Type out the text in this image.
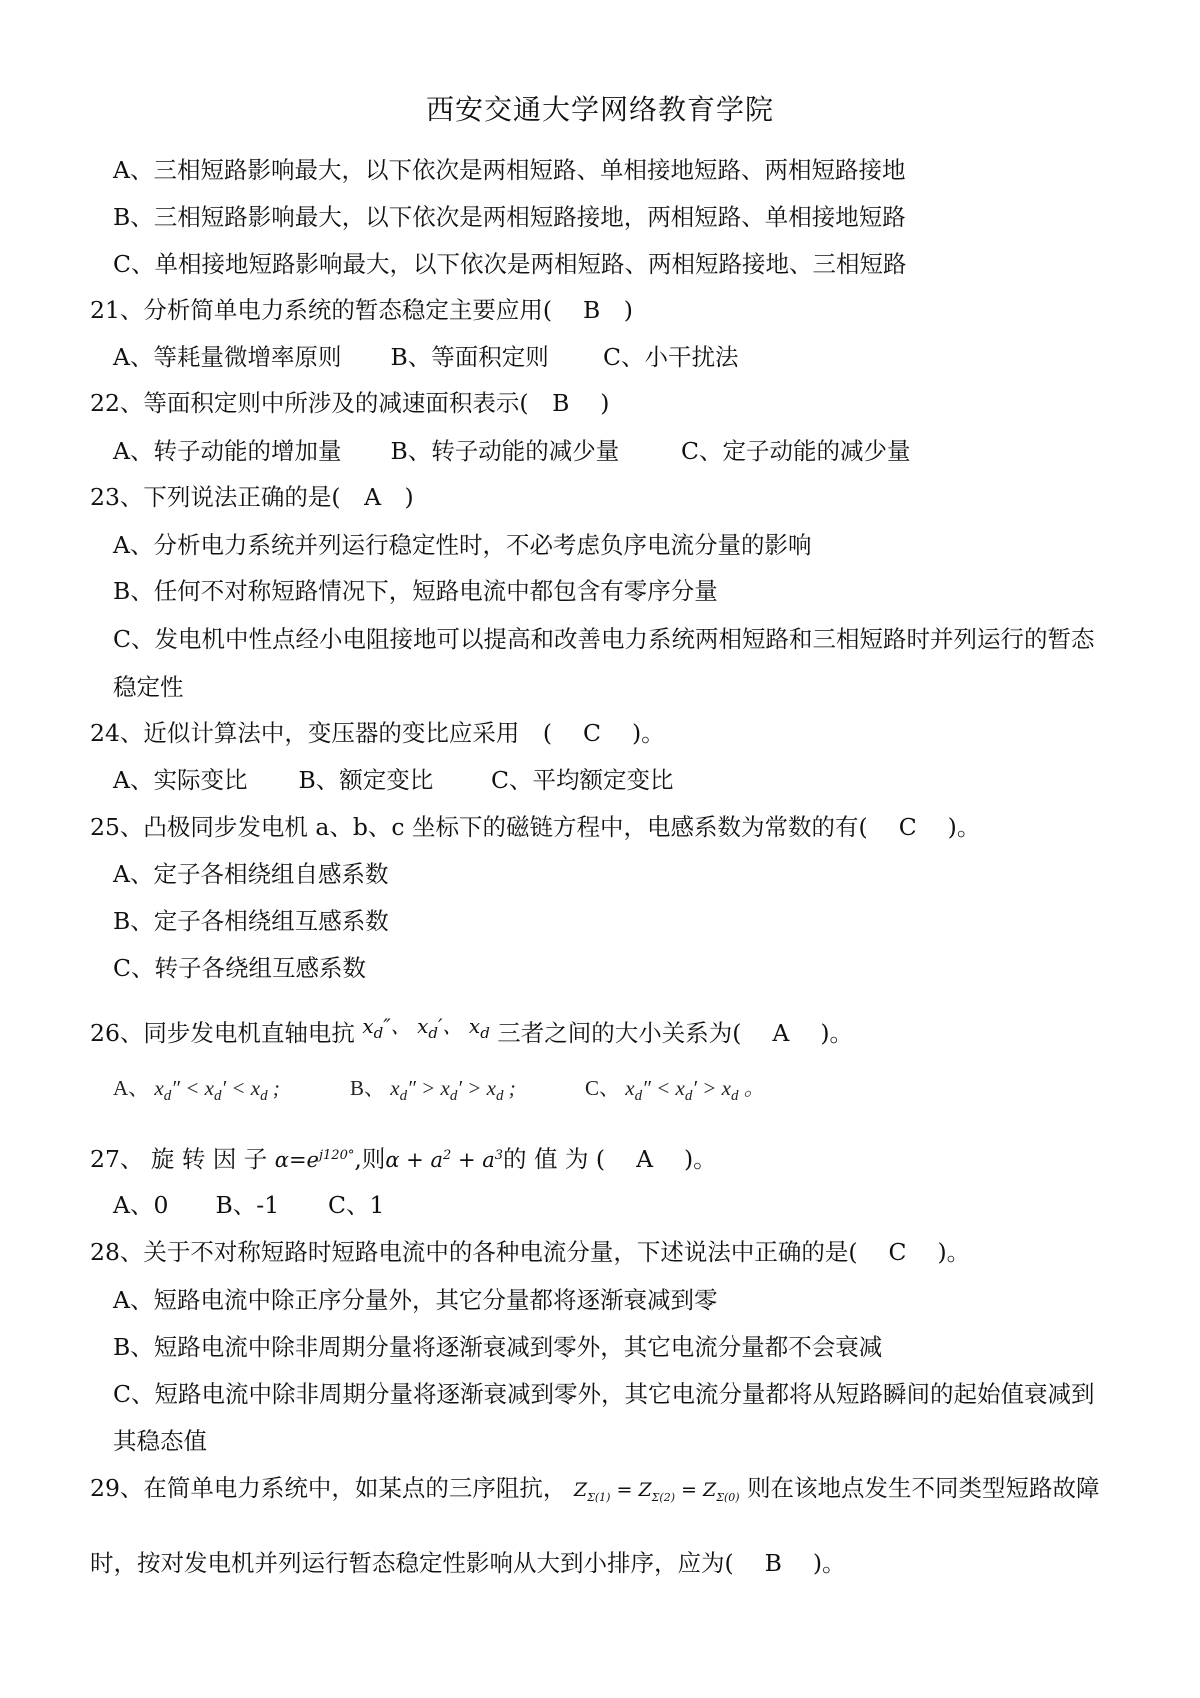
西安交通大学网络教育学院
A、三相短路影响最大，以下依次是两相短路、单相接地短路、两相短路接地
B、三相短路影响最大，以下依次是两相短路接地，两相短路、单相接地短路
C、单相接地短路影响最大，以下依次是两相短路、两相短路接地、三相短路
21、分析简单电力系统的暂态稳定主要应用(　 B　)
A、等耗量微增率原则 B、等面积定则 C、小干扰法
22、等面积定则中所涉及的减速面积表示(　B　 )
A、转子动能的增加量 B、转子动能的减少量	C、定子动能的减少量
23、下列说法正确的是(　A　)
A、分析电力系统并列运行稳定性时，不必考虑负序电流分量的影响
B、任何不对称短路情况下，短路电流中都包含有零序分量
C、发电机中性点经小电阻接地可以提高和改善电力系统两相短路和三相短路时并列运行的暂态
稳定性
24、近似计算法中，变压器的变比应采用　(　 C　 )。
A、实际变比 B、额定变比 C、平均额定变比
25、凸极同步发电机 a、b、c 坐标下的磁链方程中，电感系数为常数的有(　 C　 )。
A、定子各相绕组自感系数
B、定子各相绕组互感系数
C、转子各绕组互感系数
26、同步发电机直轴电抗 $x_d''$、 $x_d'$、 $x_d$ 三者之间的大小关系为(　 A　 )。
A、 $x_d'' < x_d' < x_d$ ;	B、 $x_d'' > x_d' > x_d$ ;	C、 $x_d'' < x_d' > x_d$ 。
27、 旋 转 因 子 $\alpha=e^{j120^\circ}$,则$\alpha + a^2 + a^3$的 值 为 (　 A　 )。
A、0 B、-1 C、1
28、关于不对称短路时短路电流中的各种电流分量，下述说法中正确的是(　 C　 )。
A、短路电流中除正序分量外，其它分量都将逐渐衰减到零
B、短路电流中除非周期分量将逐渐衰减到零外，其它电流分量都不会衰减
C、短路电流中除非周期分量将逐渐衰减到零外，其它电流分量都将从短路瞬间的起始值衰减到
其稳态值
29、在简单电力系统中，如某点的三序阻抗， $Z_{\Sigma(1)} = Z_{\Sigma(2)} = Z_{\Sigma(0)}$ 则在该地点发生不同类型短路故障
时，按对发电机并列运行暂态稳定性影响从大到小排序，应为(　 B　 )。
